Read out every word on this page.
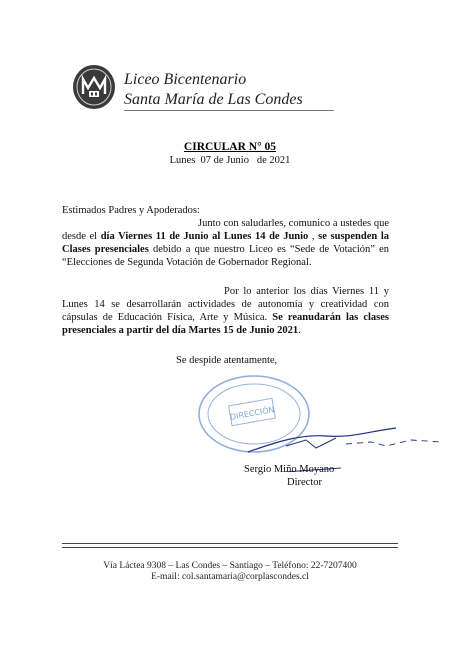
Liceo Bicentenario
Santa María de Las Condes
CIRCULAR N° 05
Lunes  07 de Junio   de 2021
Estimados Padres y Apoderados:
Junto con saludarles, comunico a ustedes que desde el día Viernes 11 de Junio al Lunes 14 de Junio , se suspenden la Clases presenciales debido a que nuestro Liceo es “Sede de Votación” en “Elecciones de Segunda Votación de Gobernador Regional.
Por lo anterior los días Viernes 11 y Lunes 14 se desarrollarán actividades de autonomía y creatividad con cápsulas de Educación Física, Arte y Música. Se reanudarán las clases presenciales a partir del día Martes 15 de Junio 2021.
Se despide atentamente,
DIRECCIÓN
Sergio Miño Moyano
Director
Vía Láctea 9308 – Las Condes – Santiago – Teléfono: 22-7207400
E-mail: col.santamaria@corplascondes.cl
